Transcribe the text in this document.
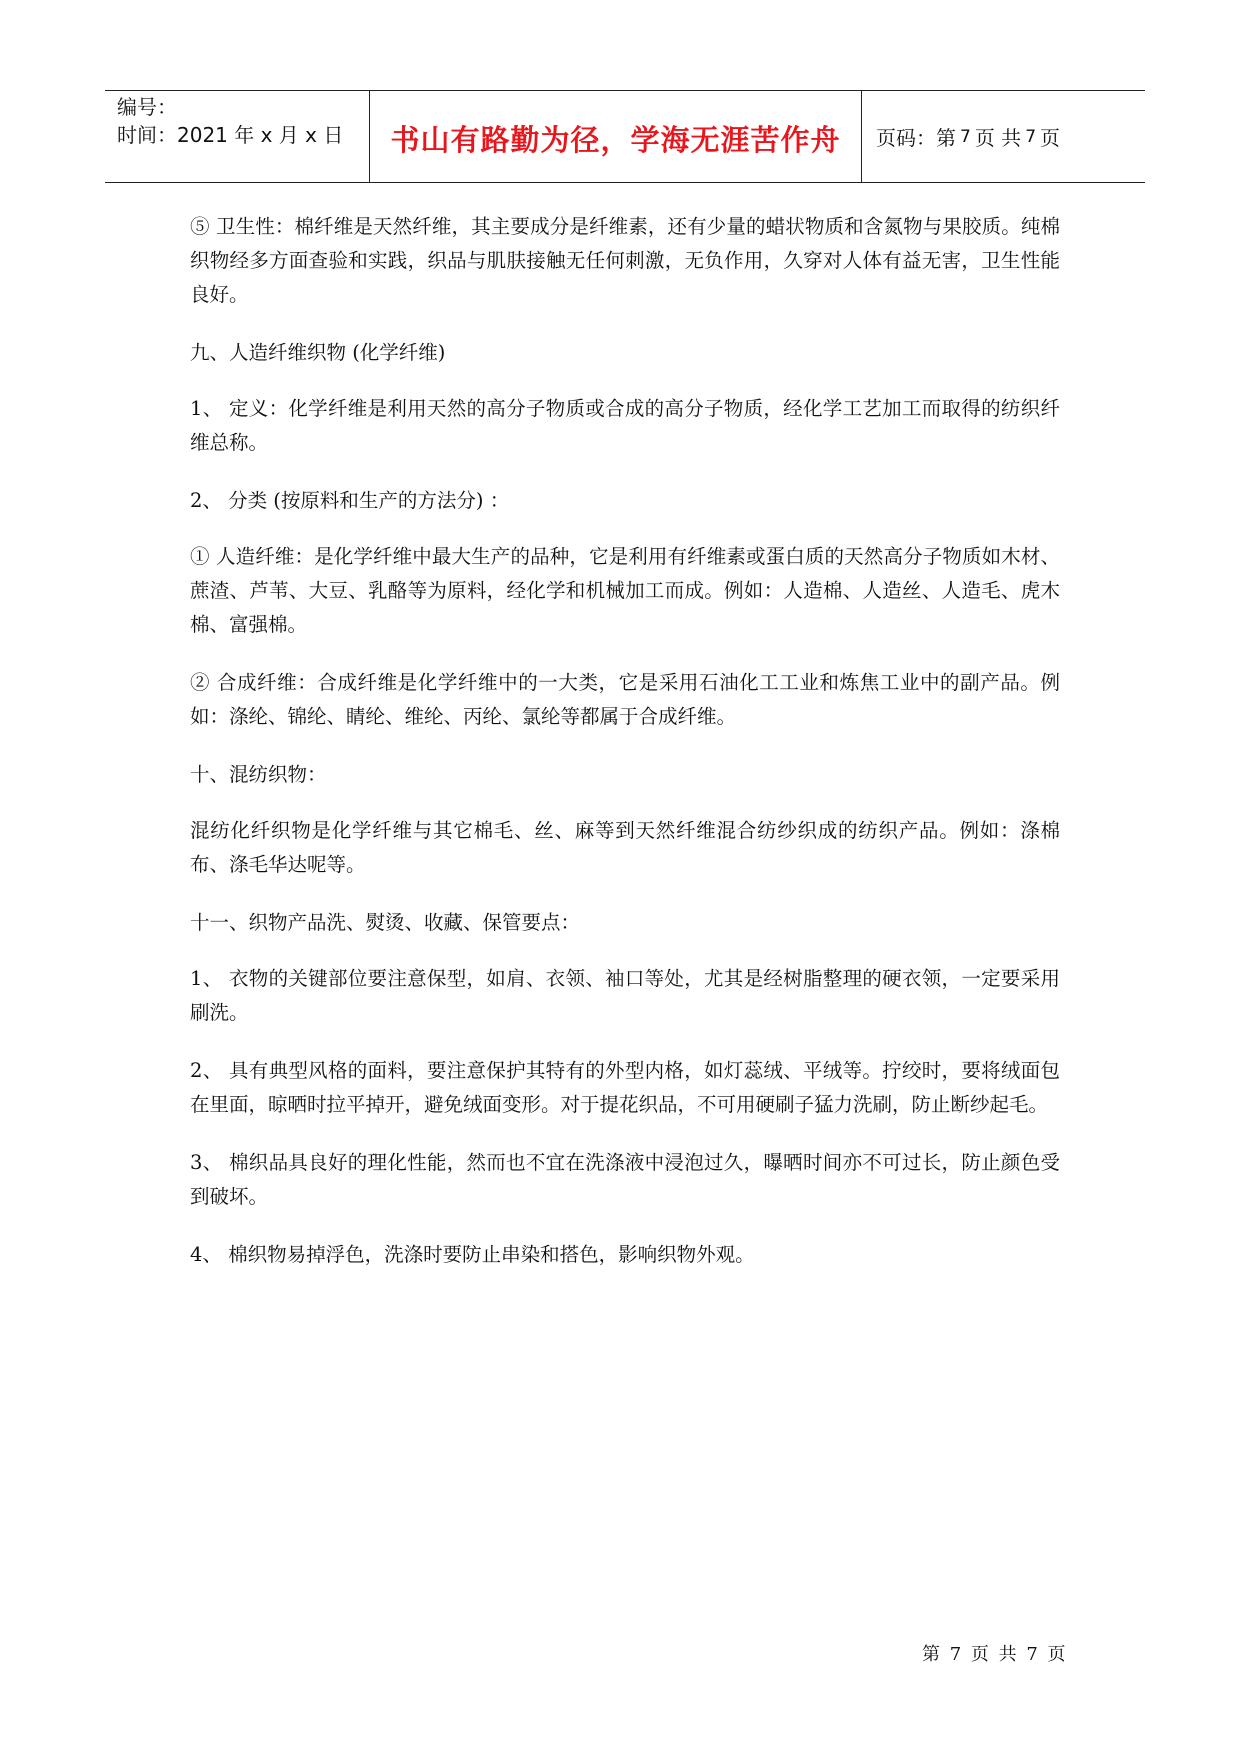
编号：
时间：2021 年 x 月 x 日	书山有路勤为径，学海无涯苦作舟 页码：第 7 页 共 7 页

⑤ 卫生性：棉纤维是天然纤维，其主要成分是纤维素，还有少量的蜡状物质和含氮物与果胶质。纯棉织物经多方面查验和实践，织品与肌肤接触无任何刺激，无负作用，久穿对人体有益无害，卫生性能良好。

九、人造纤维织物 (化学纤维)

1、 定义：化学纤维是利用天然的高分子物质或合成的高分子物质，经化学工艺加工而取得的纺织纤维总称。

2、 分类 (按原料和生产的方法分) ：

① 人造纤维：是化学纤维中最大生产的品种，它是利用有纤维素或蛋白质的天然高分子物质如木材、蔗渣、芦苇、大豆、乳酪等为原料，经化学和机械加工而成。例如：人造棉、人造丝、人造毛、虎木棉、富强棉。

② 合成纤维：合成纤维是化学纤维中的一大类，它是采用石油化工工业和炼焦工业中的副产品。例如：涤纶、锦纶、睛纶、维纶、丙纶、氯纶等都属于合成纤维。

十、混纺织物：

混纺化纤织物是化学纤维与其它棉毛、丝、麻等到天然纤维混合纺纱织成的纺织产品。例如：涤棉布、涤毛华达呢等。

十一、织物产品洗、熨烫、收藏、保管要点：

1、 衣物的关键部位要注意保型，如肩、衣领、袖口等处，尤其是经树脂整理的硬衣领，一定要采用刷洗。

2、 具有典型风格的面料，要注意保护其特有的外型内格，如灯蕊绒、平绒等。拧绞时，要将绒面包在里面，晾晒时拉平掉开，避免绒面变形。对于提花织品，不可用硬刷子猛力洗刷，防止断纱起毛。

3、 棉织品具良好的理化性能，然而也不宜在洗涤液中浸泡过久，曝晒时间亦不可过长，防止颜色受到破坏。

4、 棉织物易掉浮色，洗涤时要防止串染和搭色，影响织物外观。

第 7 页 共 7 页
